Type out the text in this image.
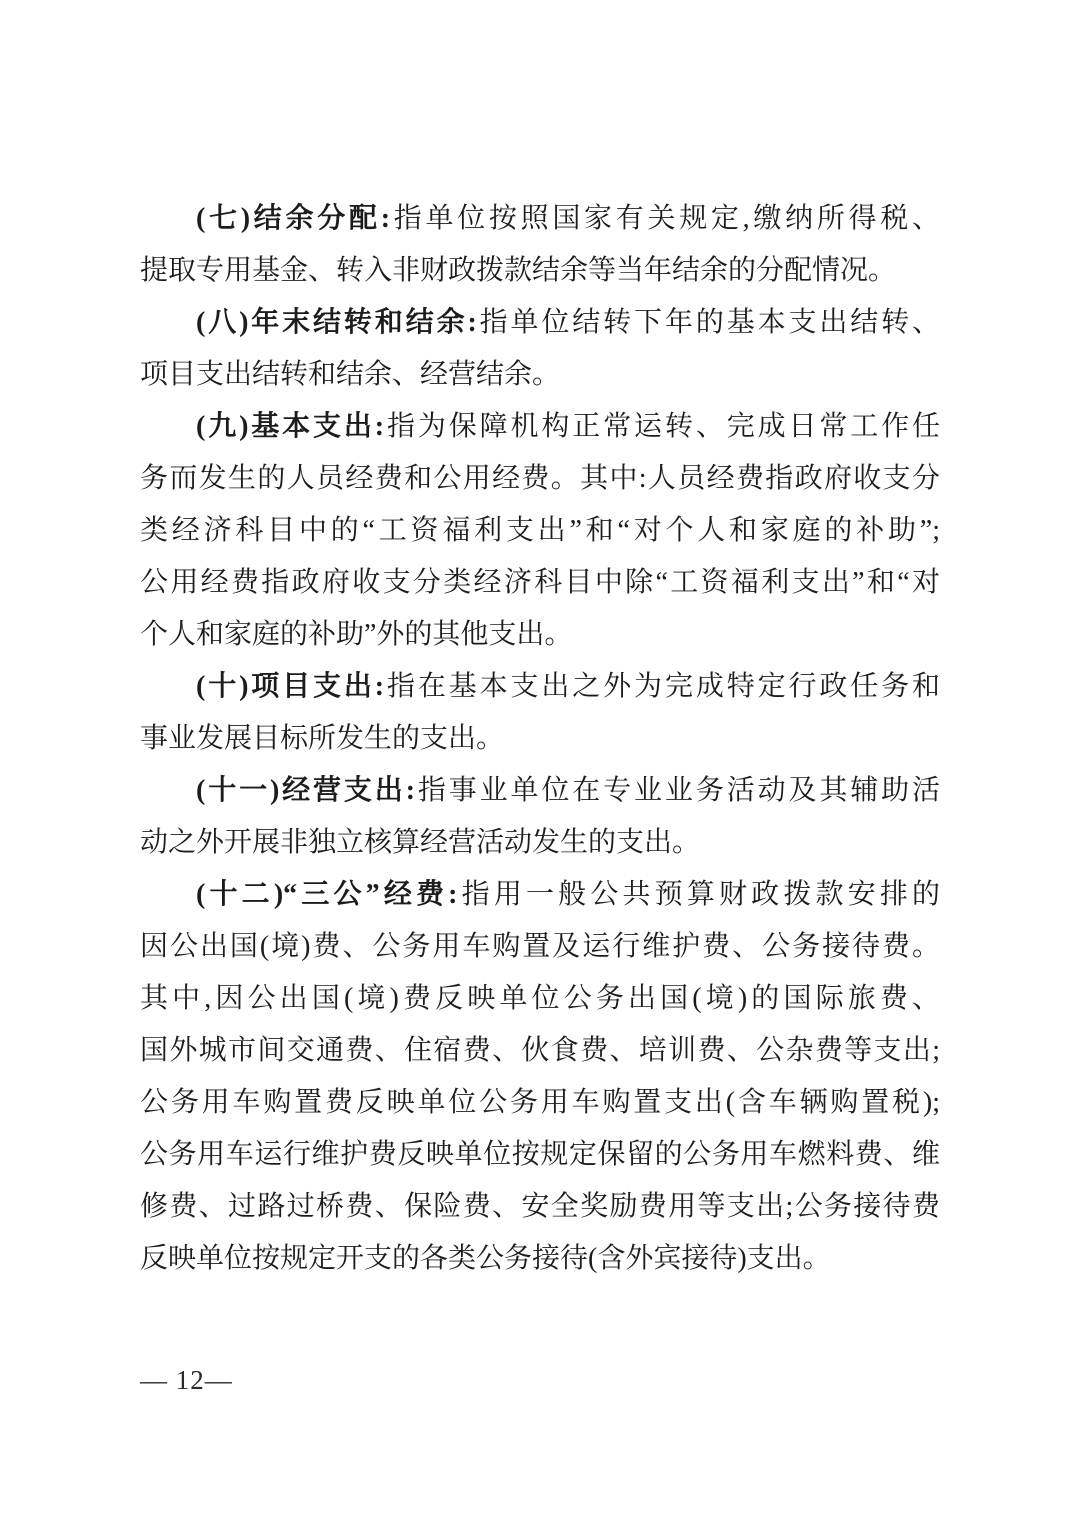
(七)结余分配:指单位按照国家有关规定,缴纳所得税、
提取专用基金、转入非财政拨款结余等当年结余的分配情况。
(八)年末结转和结余:指单位结转下年的基本支出结转、
项目支出结转和结余、经营结余。
(九)基本支出:指为保障机构正常运转、完成日常工作任
务而发生的人员经费和公用经费。其中:人员经费指政府收支分
类经济科目中的“工资福利支出”和“对个人和家庭的补助”;
公用经费指政府收支分类经济科目中除“工资福利支出”和“对
个人和家庭的补助”外的其他支出。
(十)项目支出:指在基本支出之外为完成特定行政任务和
事业发展目标所发生的支出。
(十一)经营支出:指事业单位在专业业务活动及其辅助活
动之外开展非独立核算经营活动发生的支出。
(十二)“三公”经费:指用一般公共预算财政拨款安排的
因公出国(境)费、公务用车购置及运行维护费、公务接待费。
其中,因公出国(境)费反映单位公务出国(境)的国际旅费、
国外城市间交通费、住宿费、伙食费、培训费、公杂费等支出;
公务用车购置费反映单位公务用车购置支出(含车辆购置税);
公务用车运行维护费反映单位按规定保留的公务用车燃料费、维
修费、过路过桥费、保险费、安全奖励费用等支出;公务接待费
反映单位按规定开支的各类公务接待(含外宾接待)支出。
— 12—
